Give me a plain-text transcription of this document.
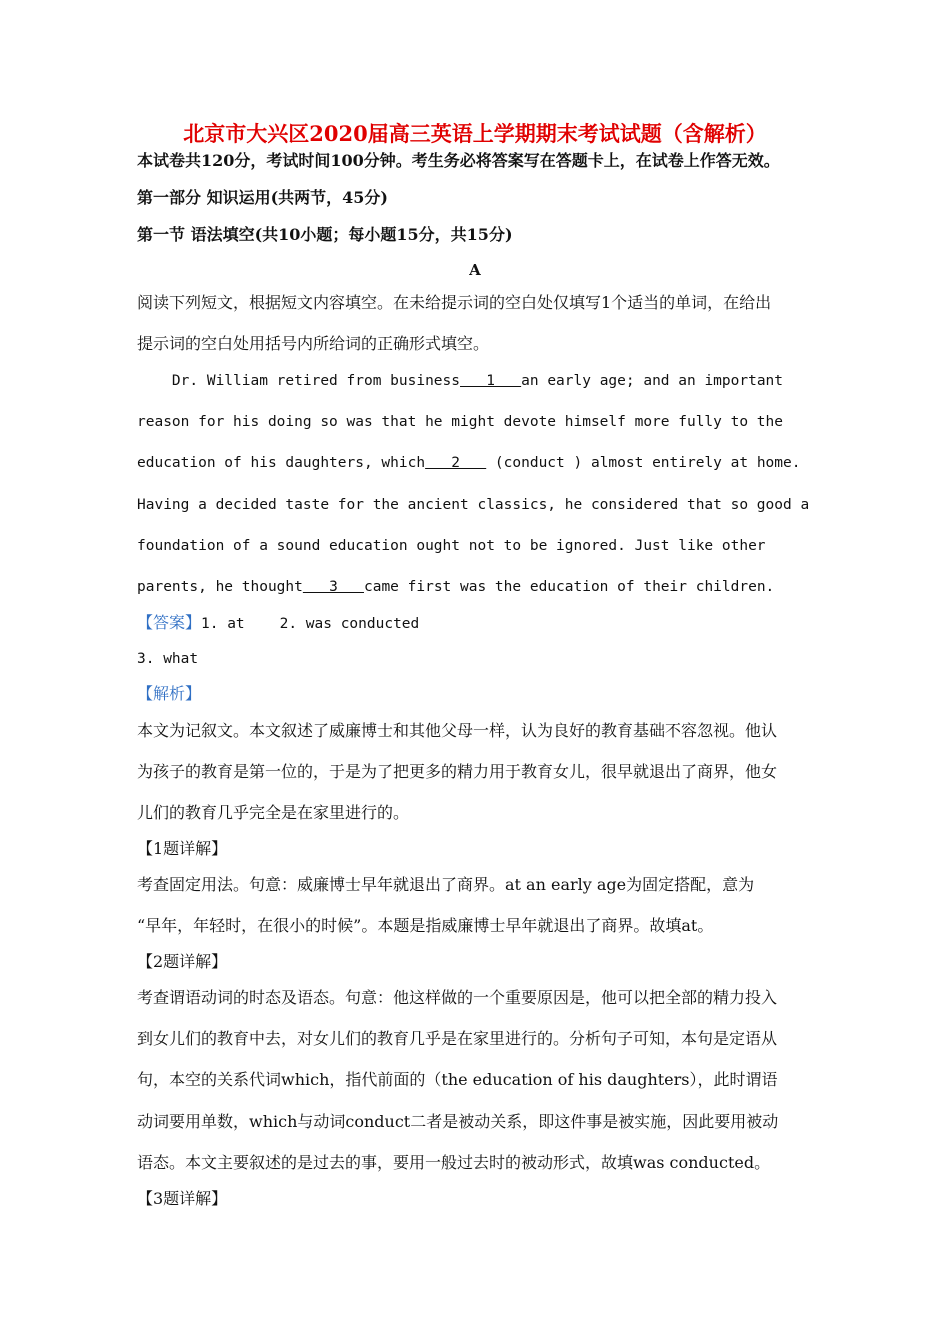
北京市大兴区2020届高三英语上学期期末考试试题（含解析）
本试卷共120分，考试时间100分钟。考生务必将答案写在答题卡上，在试卷上作答无效。
第一部分 知识运用(共两节，45分)
第一节 语法填空(共10小题；每小题15分，共15分)
A
阅读下列短文，根据短文内容填空。在未给提示词的空白处仅填写1个适当的单词，在给出
提示词的空白处用括号内所给词的正确形式填空。
Dr. William retired from business   1   an early age; and an important
reason for his doing so was that he might devote himself more fully to the
education of his daughters, which   2    (conduct ) almost entirely at home.
Having a decided taste for the ancient classics, he considered that so good a
foundation of a sound education ought not to be ignored. Just like other
parents, he thought   3   came first was the education of their children.
【答案】1. at 2. was conducted
3. what
【解析】
本文为记叙文。本文叙述了威廉博士和其他父母一样，认为良好的教育基础不容忽视。他认
为孩子的教育是第一位的，于是为了把更多的精力用于教育女儿，很早就退出了商界，他女
儿们的教育几乎完全是在家里进行的。
【1题详解】
考查固定用法。句意：威廉博士早年就退出了商界。at an early age为固定搭配，意为
“早年，年轻时，在很小的时候”。本题是指威廉博士早年就退出了商界。故填at。
【2题详解】
考查谓语动词的时态及语态。句意：他这样做的一个重要原因是，他可以把全部的精力投入
到女儿们的教育中去，对女儿们的教育几乎是在家里进行的。分析句子可知，本句是定语从
句，本空的关系代词which，指代前面的（the education of his daughters），此时谓语
动词要用单数，which与动词conduct二者是被动关系，即这件事是被实施，因此要用被动
语态。本文主要叙述的是过去的事，要用一般过去时的被动形式，故填was conducted。
【3题详解】
